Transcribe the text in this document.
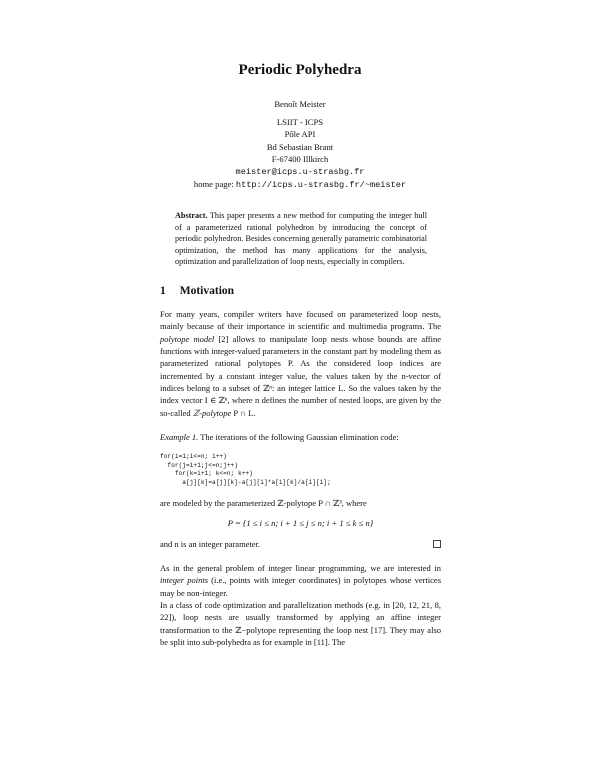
Periodic Polyhedra
Benoît Meister
LSIIT - ICPS
Pôle API
Bd Sebastian Brant
F-67400 Illkirch
meister@icps.u-strasbg.fr
home page: http://icps.u-strasbg.fr/~meister
Abstract. This paper presents a new method for computing the integer hull of a parameterized rational polyhedron by introducing the concept of periodic polyhedron. Besides concerning generally parametric combinatorial optimization, the method has many applications for the analysis, optimization and parallelization of loop nests, especially in compilers.
1 Motivation
For many years, compiler writers have focused on parameterized loop nests, mainly because of their importance in scientific and multimedia programs. The polytope model [2] allows to manipulate loop nests whose bounds are affine functions with integer-valued parameters in the constant part by modeling them as parameterized rational polytopes P. As the considered loop indices are incremented by a constant integer value, the values taken by the n-vector of indices belong to a subset of ℤⁿ: an integer lattice L. So the values taken by the index vector I ∈ ℤⁿ, where n defines the number of nested loops, are given by the so-called ℤ-polytope P ∩ L.
Example 1. The iterations of the following Gaussian elimination code:
for(i=1;i<=n; i++)
for(j=i+1;j<=n;j++)
for(k=i+1; k<=n; k++)
a[j][k]=a[j][k]-a[j][i]*a[i][k]/a[i][i];
are modeled by the parameterized ℤ-polytope P ∩ ℤ³, where
P = {1 ≤ i ≤ n; i + 1 ≤ j ≤ n; i + 1 ≤ k ≤ n}
and n is an integer parameter.
As in the general problem of integer linear programming, we are interested in integer points (i.e., points with integer coordinates) in polytopes whose vertices may be non-integer.
In a class of code optimization and parallelization methods (e.g. in [20, 12, 21, 8, 22]), loop nests are usually transformed by applying an affine integer transformation to the ℤ−polytope representing the loop nest [17]. They may also be split into sub-polyhedra as for example in [11]. The
